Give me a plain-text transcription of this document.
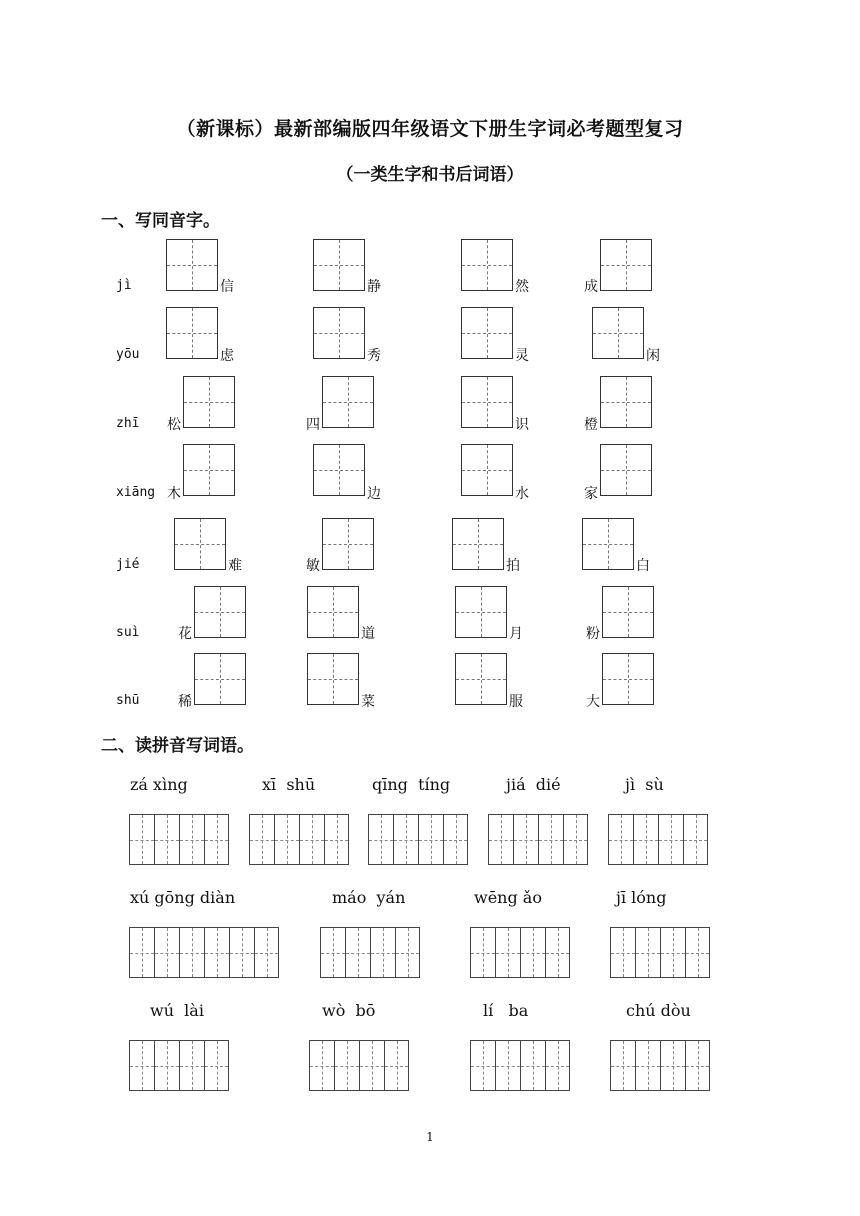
（新课标）最新部编版四年级语文下册生字词必考题型复习
（一类生字和书后词语）
一、写同音字。
jì	信	静	然	成
yōu	虑	秀	灵	闲
zhī 松	四	识	橙
xiāng 木	边	水	家
jié	难	敏	拍	白
suì	花	道	月	粉
shū	稀	菜	服	大
二、读拼音写词语。
zá xìng	xī  shū	qīng  tíng	jiá  dié	jì  sù
xú gōng diàn	máo  yán	wēng ǎo	jī lóng
wú  lài	wò  bō	lí   ba	chú dòu
1
